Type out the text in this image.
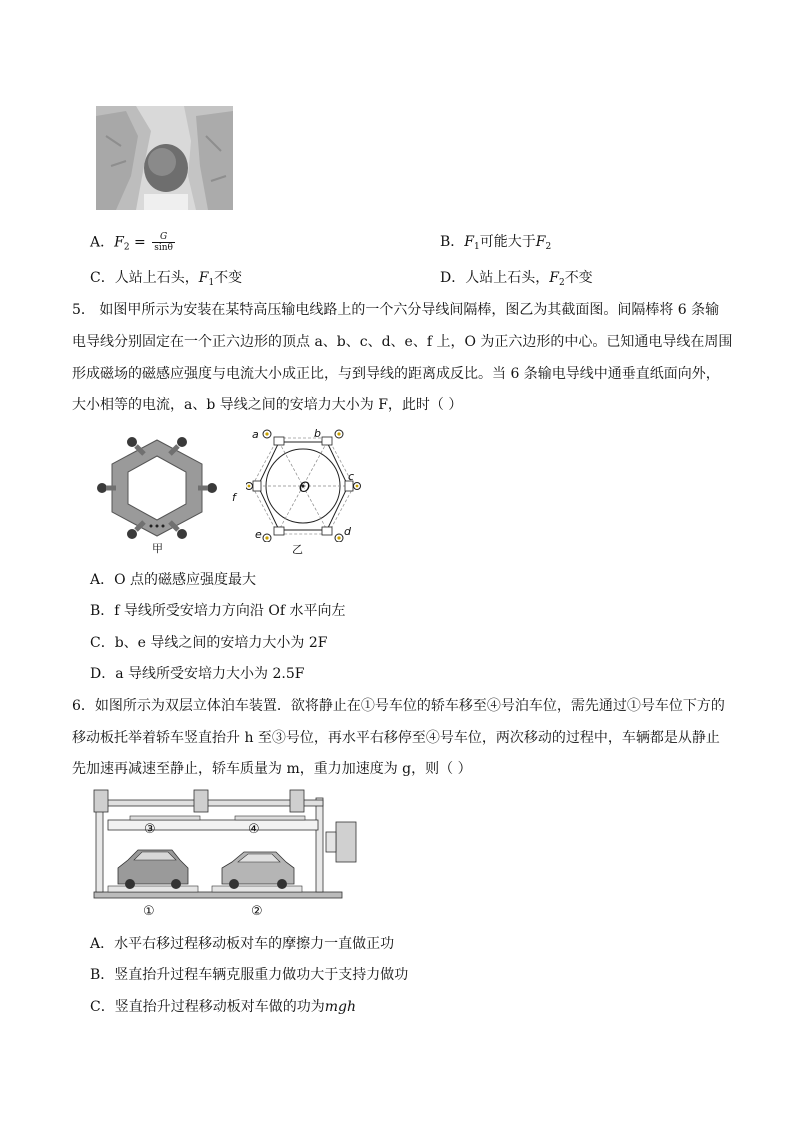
A．$F_2 = \frac{G}{\sin\theta}$	B．$F_1$可能大于$F_2$
C．人站上石头，$F_1$不变	D．人站上石头，$F_2$不变
5． 如图甲所示为安装在某特高压输电线路上的一个六分导线间隔棒，图乙为其截面图。间隔棒将 6 条输
电导线分别固定在一个正六边形的顶点 a、b、c、d、e、f 上，O 为正六边形的中心。已知通电导线在周围
形成磁场的磁感应强度与电流大小成正比，与到导线的距离成反比。当 6 条输电导线中通垂直纸面向外，
大小相等的电流，a、b 导线之间的安培力大小为 F，此时（ ）
甲
a	b
c
d
e
f
O
乙
A．O 点的磁感应强度最大
B．f 导线所受安培力方向沿 Of 水平向左
C．b、e 导线之间的安培力大小为 2F
D．a 导线所受安培力大小为 2.5F
6．如图所示为双层立体泊车装置．欲将静止在①号车位的轿车移至④号泊车位，需先通过①号车位下方的
移动板托举着轿车竖直抬升 h 至③号位，再水平右移停至④号车位，两次移动的过程中，车辆都是从静止
先加速再减速至静止，轿车质量为 m，重力加速度为 g，则（ ）
③	④
①	②
A．水平右移过程移动板对车的摩擦力一直做正功
B．竖直抬升过程车辆克服重力做功大于支持力做功
C．竖直抬升过程移动板对车做的功为mgh
